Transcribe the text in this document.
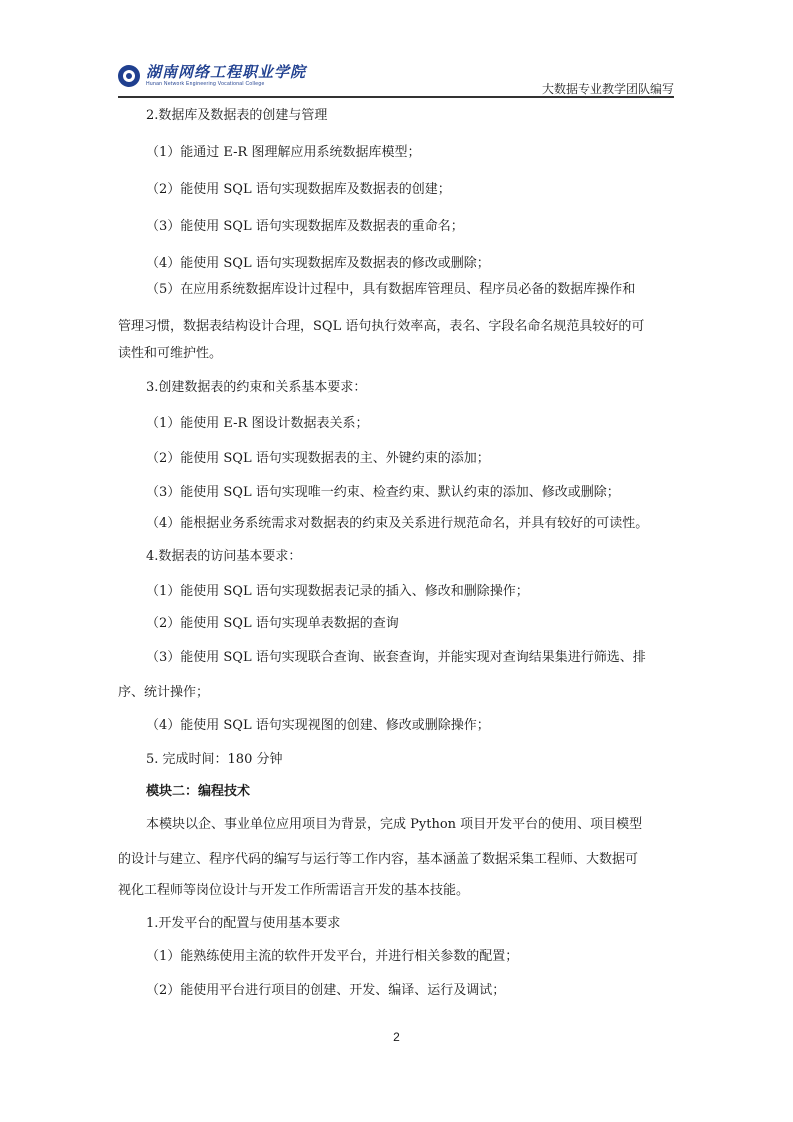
湖南网络工程职业学院
Hunan Network Engineering Vocational College	大数据专业教学团队编写
2.数据库及数据表的创建与管理
（1）能通过 E-R 图理解应用系统数据库模型；
（2）能使用 SQL 语句实现数据库及数据表的创建；
（3）能使用 SQL 语句实现数据库及数据表的重命名；
（4）能使用 SQL 语句实现数据库及数据表的修改或删除；
（5）在应用系统数据库设计过程中，具有数据库管理员、程序员必备的数据库操作和
管理习惯，数据表结构设计合理，SQL 语句执行效率高，表名、字段名命名规范具较好的可
读性和可维护性。
3.创建数据表的约束和关系基本要求：
（1）能使用 E-R 图设计数据表关系；
（2）能使用 SQL 语句实现数据表的主、外键约束的添加；
（3）能使用 SQL 语句实现唯一约束、检查约束、默认约束的添加、修改或删除；
（4）能根据业务系统需求对数据表的约束及关系进行规范命名，并具有较好的可读性。
4.数据表的访问基本要求：
（1）能使用 SQL 语句实现数据表记录的插入、修改和删除操作；
（2）能使用 SQL 语句实现单表数据的查询
（3）能使用 SQL 语句实现联合查询、嵌套查询，并能实现对查询结果集进行筛选、排
序、统计操作；
（4）能使用 SQL 语句实现视图的创建、修改或删除操作；
5. 完成时间：180 分钟
模块二：编程技术
本模块以企、事业单位应用项目为背景，完成 Python 项目开发平台的使用、项目模型
的设计与建立、程序代码的编写与运行等工作内容，基本涵盖了数据采集工程师、大数据可
视化工程师等岗位设计与开发工作所需语言开发的基本技能。
1.开发平台的配置与使用基本要求
（1）能熟练使用主流的软件开发平台，并进行相关参数的配置；
（2）能使用平台进行项目的创建、开发、编译、运行及调试；
2
